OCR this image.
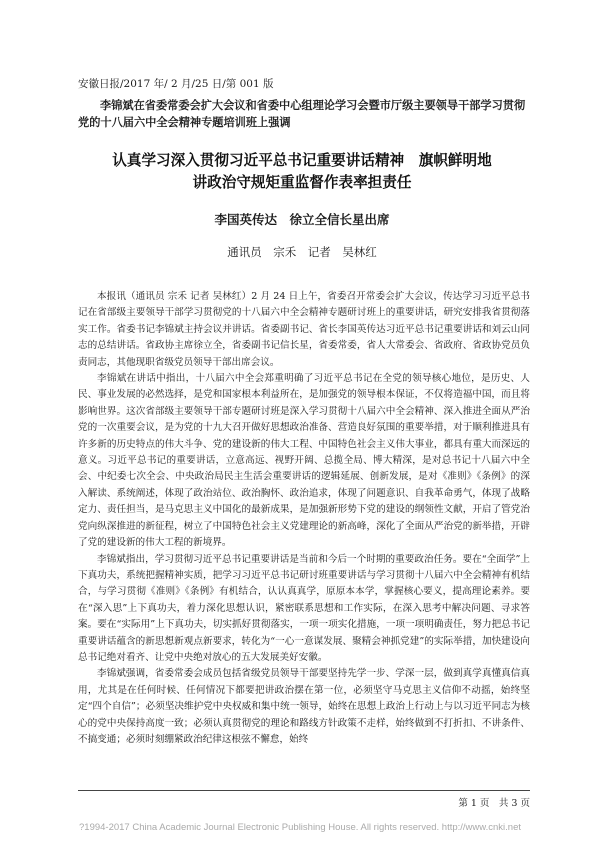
安徽日报/2017 年/ 2 月/25 日/第 001 版
李锦斌在省委常委会扩大会议和省委中心组理论学习会暨市厅级主要领导干部学习贯彻党的十八届六中全会精神专题培训班上强调
认真学习深入贯彻习近平总书记重要讲话精神　旗帜鲜明地
讲政治守规矩重监督作表率担责任
李国英传达　徐立全信长星出席
通讯员　宗禾　记者　吴林红

本报讯（通讯员 宗禾 记者 吴林红）2 月 24 日上午，省委召开常委会扩大会议，传达学习习近平总书记在省部级主要领导干部学习贯彻党的十八届六中全会精神专题研讨班上的重要讲话，研究安排我省贯彻落实工作。省委书记李锦斌主持会议并讲话。省委副书记、省长李国英传达习近平总书记重要讲话和刘云山同志的总结讲话。省政协主席徐立全，省委副书记信长星，省委常委，省人大常委会、省政府、省政协党员负责同志，其他现职省级党员领导干部出席会议。

李锦斌在讲话中指出，十八届六中全会郑重明确了习近平总书记在全党的领导核心地位，是历史、人民、事业发展的必然选择，是党和国家根本利益所在，是加强党的领导根本保证，不仅将造福中国，而且将影响世界。这次省部级主要领导干部专题研讨班是深入学习贯彻十八届六中全会精神、深入推进全面从严治党的一次重要会议，是为党的十九大召开做好思想政治准备、营造良好氛围的重要举措，对于顺利推进具有许多新的历史特点的伟大斗争、党的建设新的伟大工程、中国特色社会主义伟大事业，都具有重大而深远的意义。习近平总书记的重要讲话，立意高远、视野开阔、总揽全局、博大精深，是对总书记十八届六中全会、中纪委七次全会、中央政治局民主生活会重要讲话的逻辑延展、创新发展，是对《准则》《条例》的深入解读、系统阐述，体现了政治站位、政治胸怀、政治追求，体现了问题意识、自我革命勇气，体现了战略定力、责任担当，是马克思主义中国化的最新成果，是加强新形势下党的建设的纲领性文献，开启了管党治党向纵深推进的新征程，树立了中国特色社会主义党建理论的新高峰，深化了全面从严治党的新举措，开辟了党的建设新的伟大工程的新境界。

李锦斌指出，学习贯彻习近平总书记重要讲话是当前和今后一个时期的重要政治任务。要在“全面学”上下真功夫，系统把握精神实质，把学习习近平总书记研讨班重要讲话与学习贯彻十八届六中全会精神有机结合，与学习贯彻《准则》《条例》有机结合，认认真真学，原原本本学，掌握核心要义，提高理论素养。要在“深入思”上下真功夫，着力深化思想认识，紧密联系思想和工作实际，在深入思考中解决问题、寻求答案。要在“实际用”上下真功夫，切实抓好贯彻落实，一项一项实化措施，一项一项明确责任，努力把总书记重要讲话蕴含的新思想新观点新要求，转化为“一心一意谋发展、聚精会神抓党建”的实际举措，加快建设向总书记绝对看齐、让党中央绝对放心的五大发展美好安徽。

李锦斌强调，省委常委会成员包括省级党员领导干部要坚持先学一步、学深一层，做到真学真懂真信真用，尤其是在任何时候、任何情况下都要把讲政治摆在第一位，必须坚守马克思主义信仰不动摇，始终坚定“四个自信”；必须坚决维护党中央权威和集中统一领导，始终在思想上政治上行动上与以习近平同志为核心的党中央保持高度一致；必须认真贯彻党的理论和路线方针政策不走样，始终做到不打折扣、不讲条件、不搞变通；必须时刻绷紧政治纪律这根弦不懈怠，始终

第 1 页　共 3 页
?1994-2017 China Academic Journal Electronic Publishing House. All rights reserved. http://www.cnki.net
